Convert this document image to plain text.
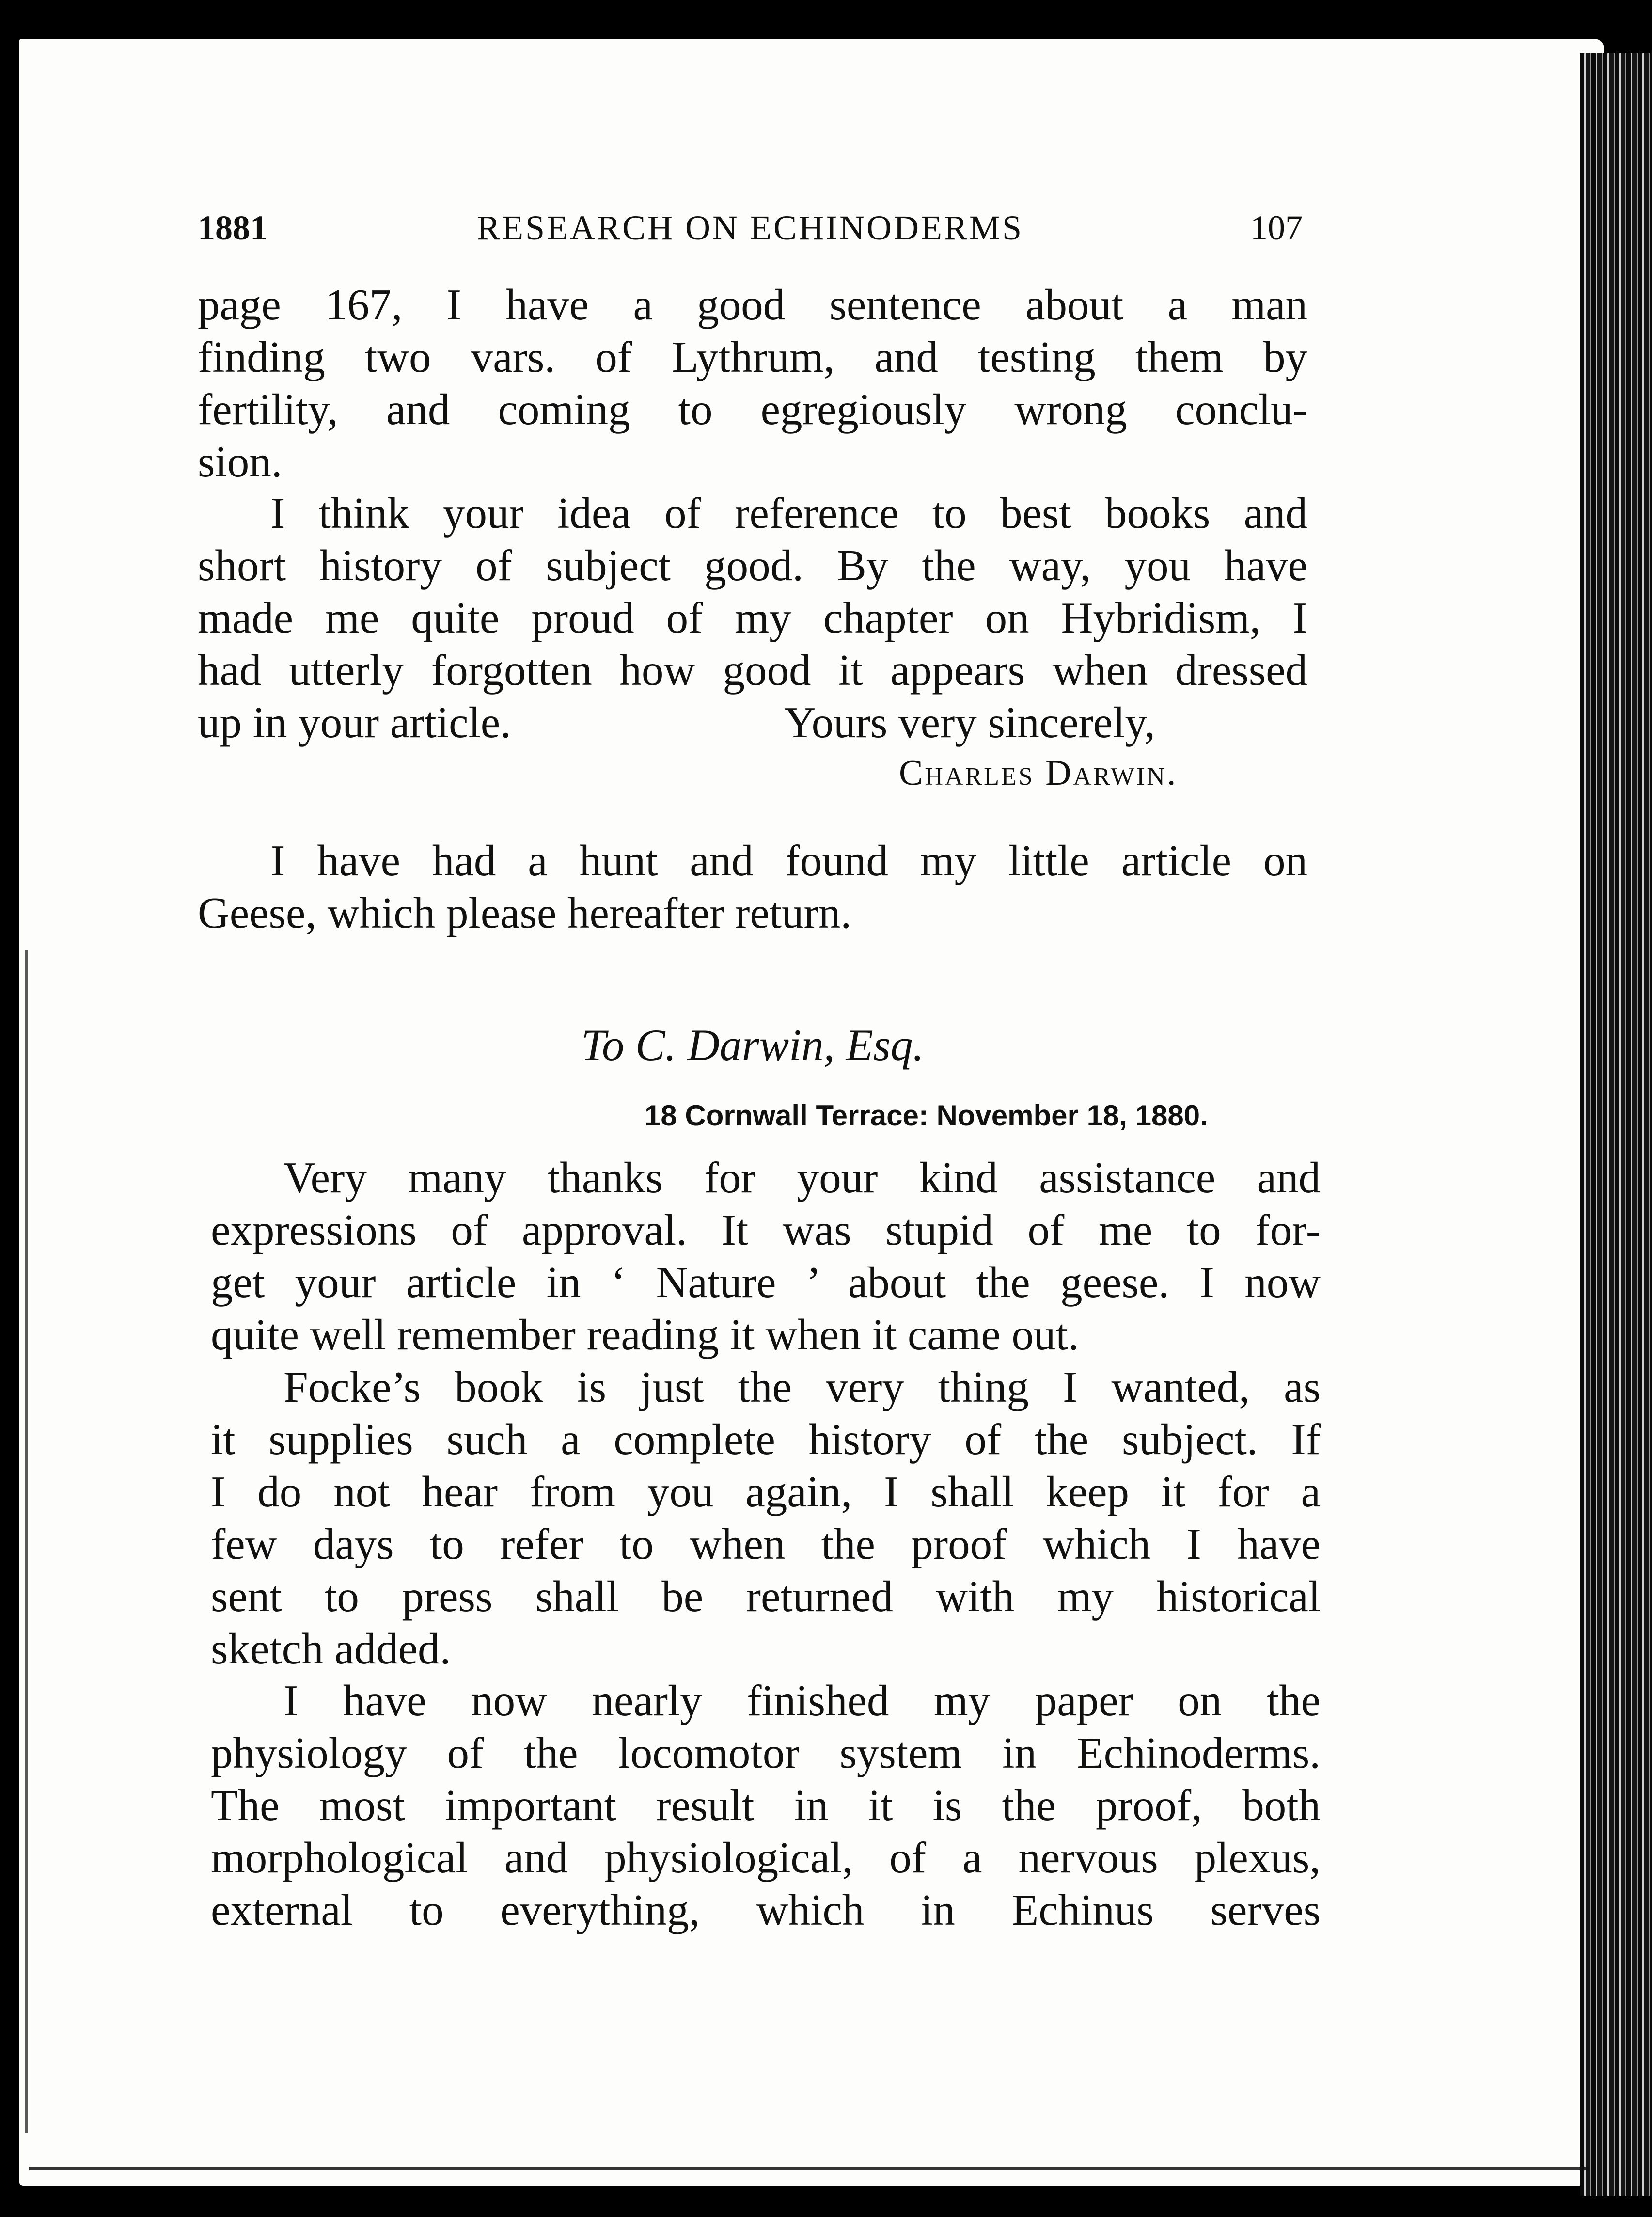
1881	RESEARCH ON ECHINODERMS	107
page 167, I have a good sentence about a man
finding two vars. of Lythrum, and testing them by
fertility, and coming to egregiously wrong conclu-
sion.
I think your idea of reference to best books and
short history of subject good. By the way, you have
made me quite proud of my chapter on Hybridism, I
had utterly forgotten how good it appears when dressed
up in your article.	Yours very sincerely,
Charles Darwin.
I have had a hunt and found my little article on
Geese, which please hereafter return.
To C. Darwin, Esq.
18 Cornwall Terrace: November 18, 1880.
Very many thanks for your kind assistance and
expressions of approval. It was stupid of me to for-
get your article in ‘ Nature ’ about the geese. I now
quite well remember reading it when it came out.
Focke’s book is just the very thing I wanted, as
it supplies such a complete history of the subject. If
I do not hear from you again, I shall keep it for a
few days to refer to when the proof which I have
sent to press shall be returned with my historical
sketch added.
I have now nearly finished my paper on the
physiology of the locomotor system in Echinoderms.
The most important result in it is the proof, both
morphological and physiological, of a nervous plexus,
external to everything, which in Echinus serves
